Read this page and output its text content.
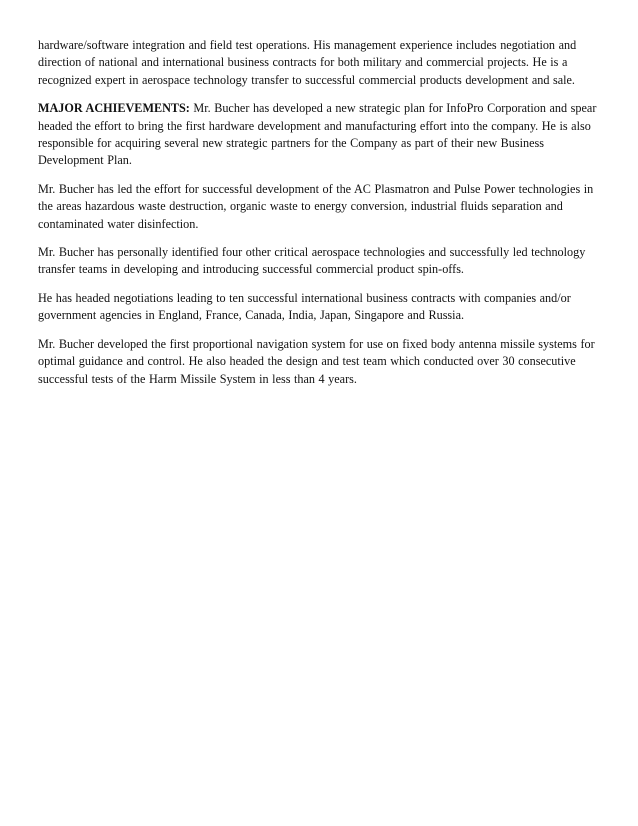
hardware/software integration and field test operations. His management experience includes negotiation and direction of national and international business contracts for both military and commercial projects. He is a recognized expert in aerospace technology transfer to successful commercial products development and sale.

MAJOR ACHIEVEMENTS: Mr. Bucher has developed a new strategic plan for InfoPro Corporation and spear headed the effort to bring the first hardware development and manufacturing effort into the company. He is also responsible for acquiring several new strategic partners for the Company as part of their new Business Development Plan.

Mr. Bucher has led the effort for successful development of the AC Plasmatron and Pulse Power technologies in the areas hazardous waste destruction, organic waste to energy conversion, industrial fluids separation and contaminated water disinfection.

Mr. Bucher has personally identified four other critical aerospace technologies and successfully led technology transfer teams in developing and introducing successful commercial product spin-offs.

He has headed negotiations leading to ten successful international business contracts with companies and/or government agencies in England, France, Canada, India, Japan, Singapore and Russia.

Mr. Bucher developed the first proportional navigation system for use on fixed body antenna missile systems for optimal guidance and control. He also headed the design and test team which conducted over 30 consecutive successful tests of the Harm Missile System in less than 4 years.
